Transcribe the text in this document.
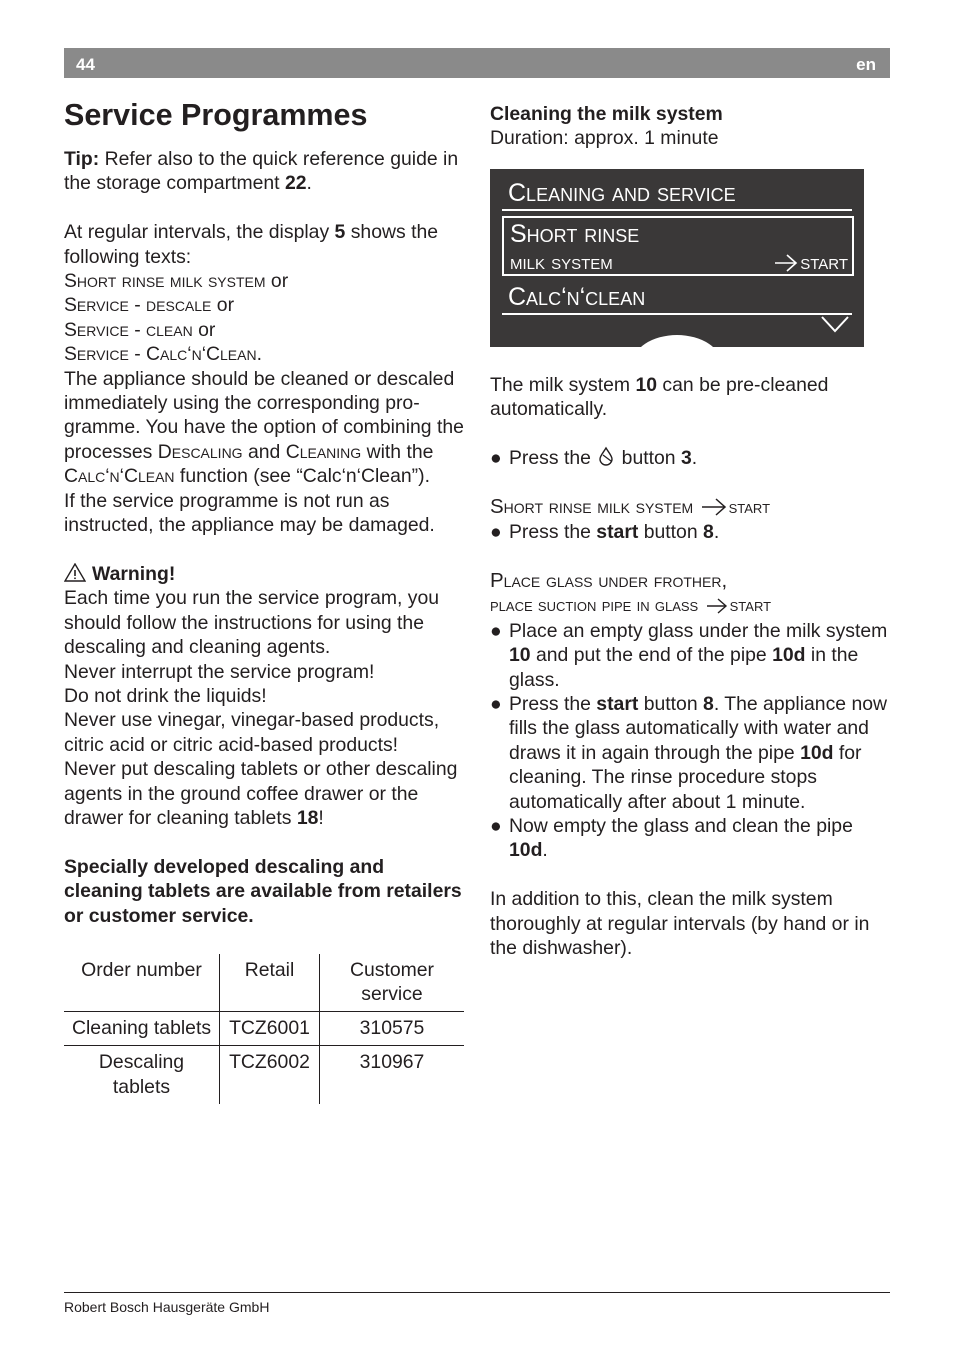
44	en
Service Programmes

Tip: Refer also to the quick reference guide in the storage compartment 22.

At regular intervals, the display 5 shows the following texts:

Short rinse milk system or

Service - descale or

Service - clean or

Service - Calc‘n‘Clean.

The appliance should be cleaned or descaled immediately using the corresponding programme. You have the option of combining the processes Descaling and Cleaning with the Calc‘n‘Clean function (see “Calc‘n‘Clean”).

If the service programme is not run as instructed, the appliance may be damaged.

Warning!

Each time you run the service program, you should follow the instructions for using the descaling and cleaning agents.

Never interrupt the service program!

Do not drink the liquids!

Never use vinegar, vinegar-based products, citric acid or citric acid-based products!

Never put descaling tablets or other descaling agents in the ground coffee drawer or the drawer for cleaning tablets 18!

Specially developed descaling and cleaning tablets are available from retailers or customer service.

Order number	Retail	Customer service
Cleaning tablets	TCZ6001	310575
Descaling tablets	TCZ6002	310967

Cleaning the milk system

Duration: approx. 1 minute

Cleaning and service
Short rinse
milk system	start
Calc‘n‘clean

The milk system 10 can be pre-cleaned automatically.

● Press the  button 3.

Short rinse milk system start

● Press the start button 8.

Place glass under frother,

place suction pipe in glass start

● Place an empty glass under the milk system 10 and put the end of the pipe 10d in the glass.
● Press the start button 8. The appliance now fills the glass automatically with water and draws it in again through the pipe 10d for cleaning. The rinse procedure stops automatically after about 1 minute.
● Now empty the glass and clean the pipe 10d.

In addition to this, clean the milk system thoroughly at regular intervals (by hand or in the dishwasher).

Robert Bosch Hausgeräte GmbH
